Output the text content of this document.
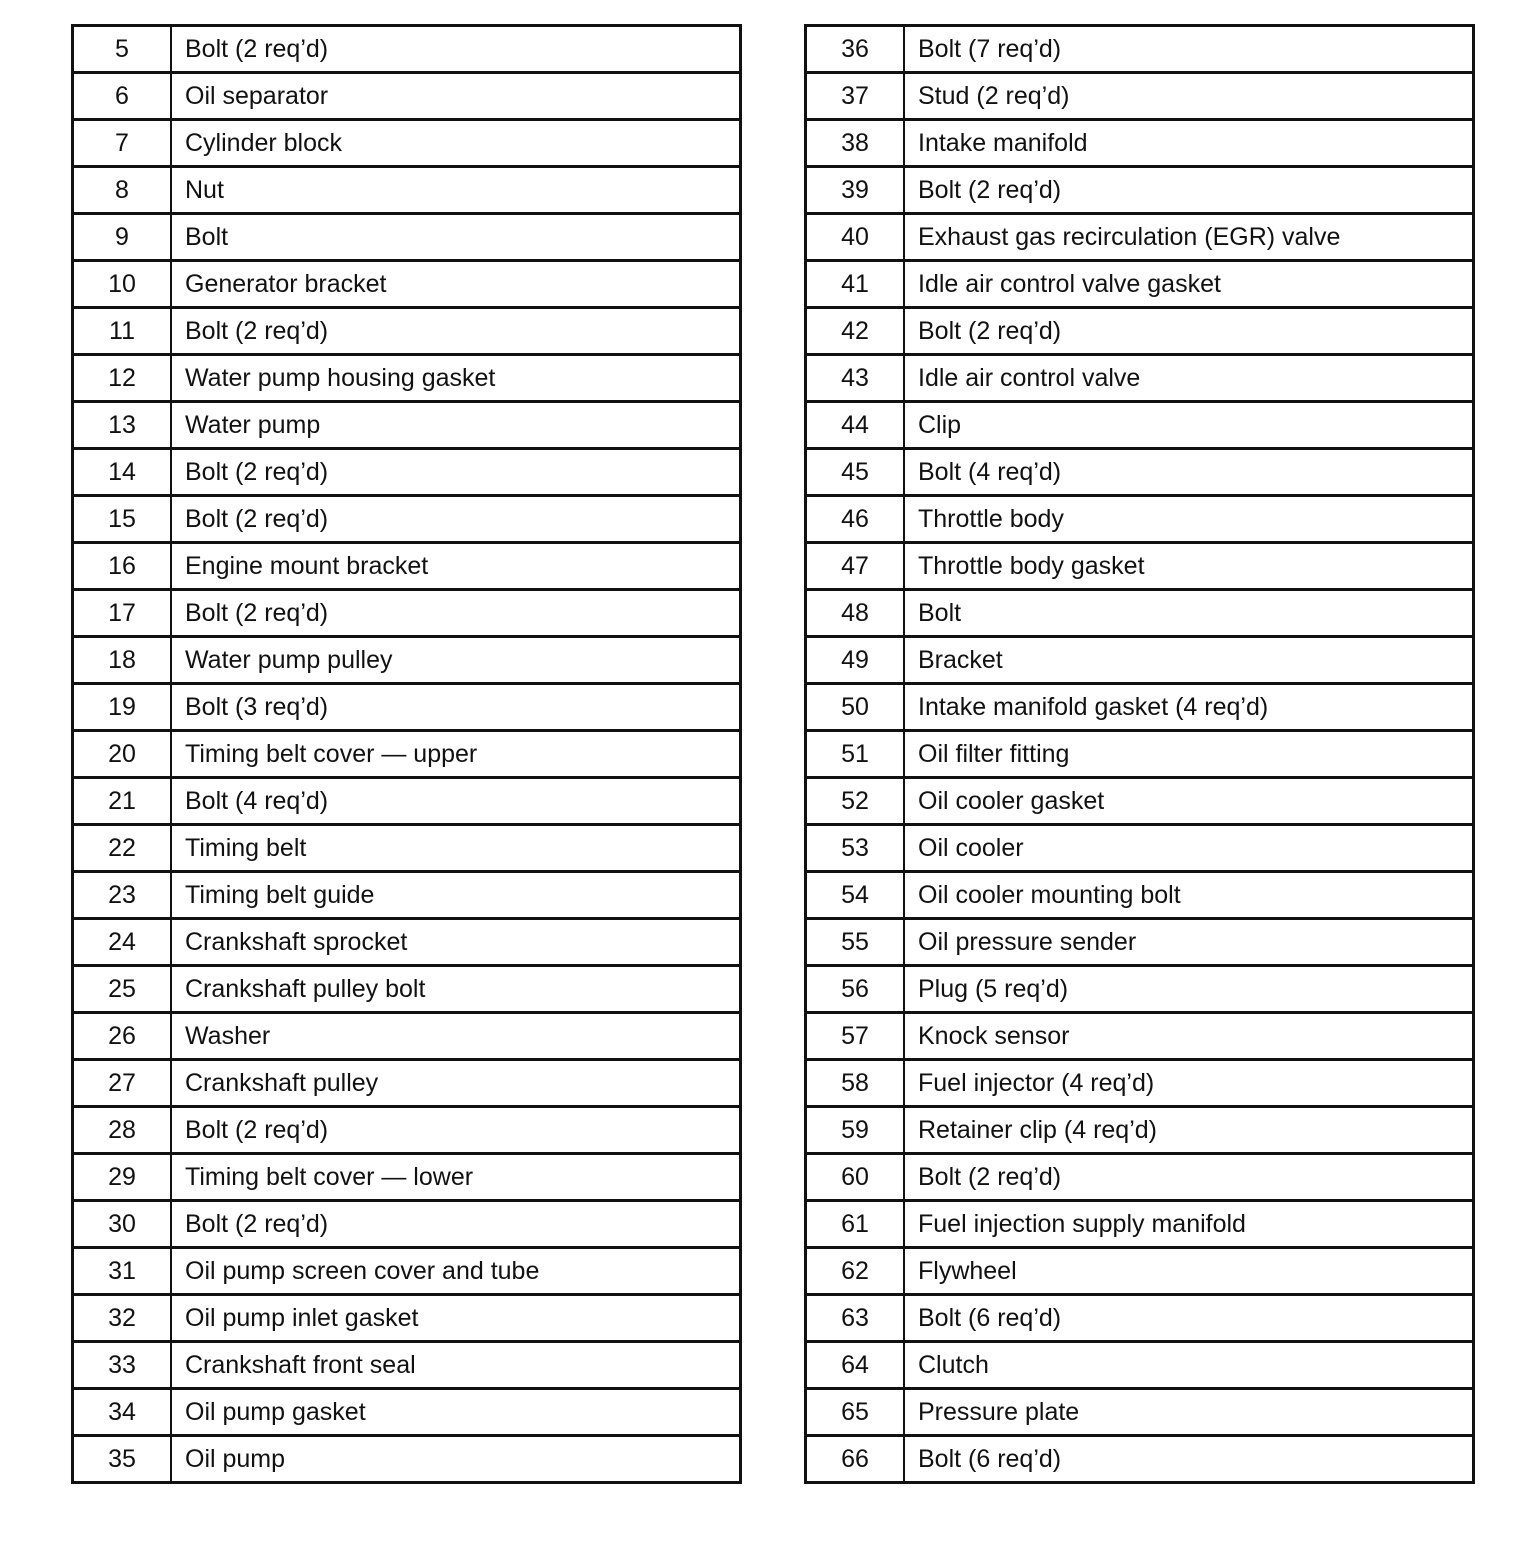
5	Bolt (2 req’d)
6	Oil separator
7	Cylinder block
8	Nut
9	Bolt
10	Generator bracket
11	Bolt (2 req’d)
12	Water pump housing gasket
13	Water pump
14	Bolt (2 req’d)
15	Bolt (2 req’d)
16	Engine mount bracket
17	Bolt (2 req’d)
18	Water pump pulley
19	Bolt (3 req’d)
20	Timing belt cover — upper
21	Bolt (4 req’d)
22	Timing belt
23	Timing belt guide
24	Crankshaft sprocket
25	Crankshaft pulley bolt
26	Washer
27	Crankshaft pulley
28	Bolt (2 req’d)
29	Timing belt cover — lower
30	Bolt (2 req’d)
31	Oil pump screen cover and tube
32	Oil pump inlet gasket
33	Crankshaft front seal
34	Oil pump gasket
35	Oil pump
36	Bolt (7 req’d)
37	Stud (2 req’d)
38	Intake manifold
39	Bolt (2 req’d)
40	Exhaust gas recirculation (EGR) valve
41	Idle air control valve gasket
42	Bolt (2 req’d)
43	Idle air control valve
44	Clip
45	Bolt (4 req’d)
46	Throttle body
47	Throttle body gasket
48	Bolt
49	Bracket
50	Intake manifold gasket (4 req’d)
51	Oil filter fitting
52	Oil cooler gasket
53	Oil cooler
54	Oil cooler mounting bolt
55	Oil pressure sender
56	Plug (5 req’d)
57	Knock sensor
58	Fuel injector (4 req’d)
59	Retainer clip (4 req’d)
60	Bolt (2 req’d)
61	Fuel injection supply manifold
62	Flywheel
63	Bolt (6 req’d)
64	Clutch
65	Pressure plate
66	Bolt (6 req’d)
